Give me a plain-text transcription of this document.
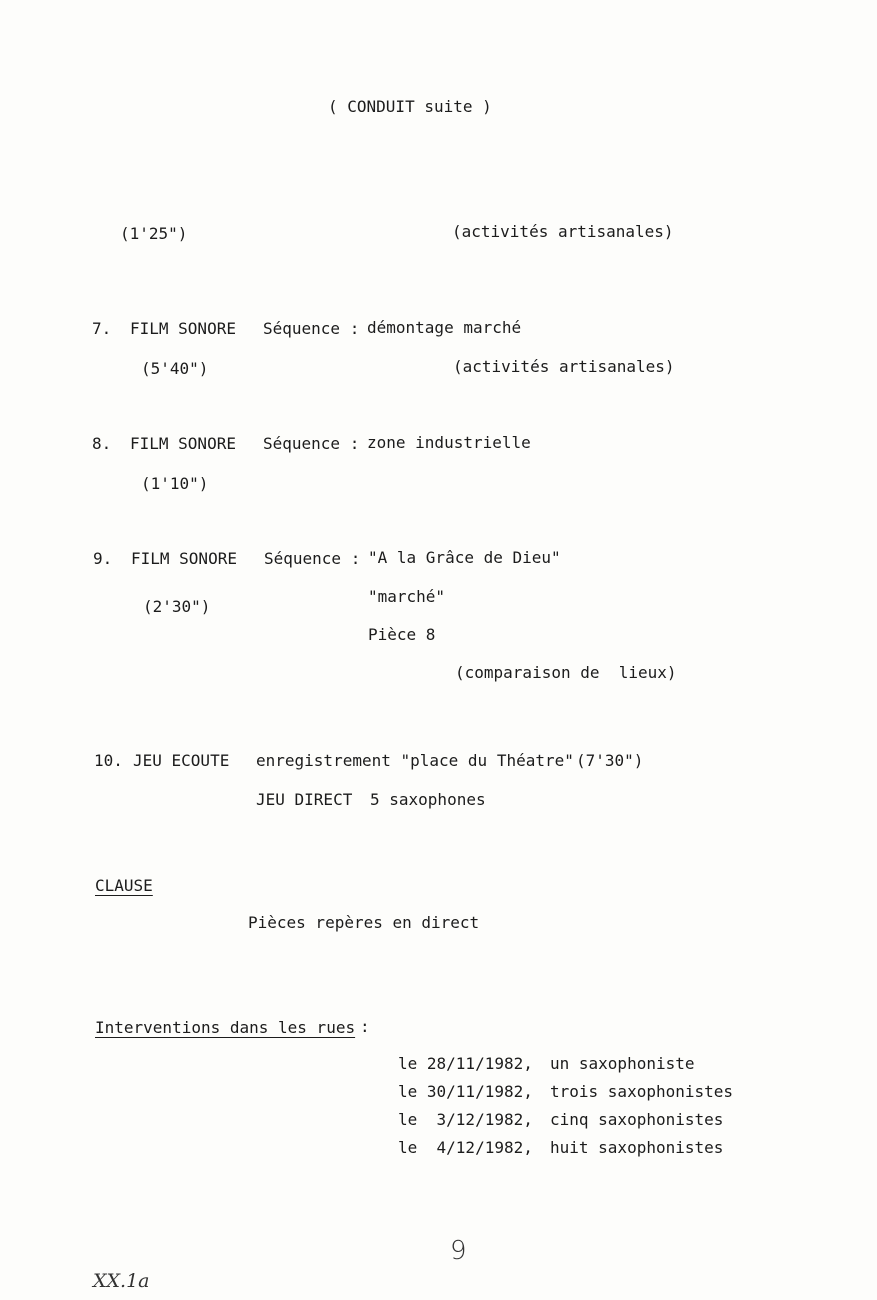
( CONDUIT suite )
(1'25")	(activités artisanales)
7. FILM SONORE Séquence : démontage marché
(5'40")	(activités artisanales)
8. FILM SONORE Séquence : zone industrielle
(1'10")
9. FILM SONORE Séquence : "A la Grâce de Dieu"
"marché"
Pièce 8
(2'30")
(comparaison de  lieux)
10. JEU ECOUTE enregistrement "place du Théatre" (7'30")
JEU DIRECT 5 saxophones
CLAUSE
Pièces repères en direct
Interventions dans les rues :
le 28/11/1982, un saxophoniste
le 30/11/1982, trois saxophonistes
le  3/12/1982, cinq saxophonistes
le  4/12/1982, huit saxophonistes
9
XX.1a
